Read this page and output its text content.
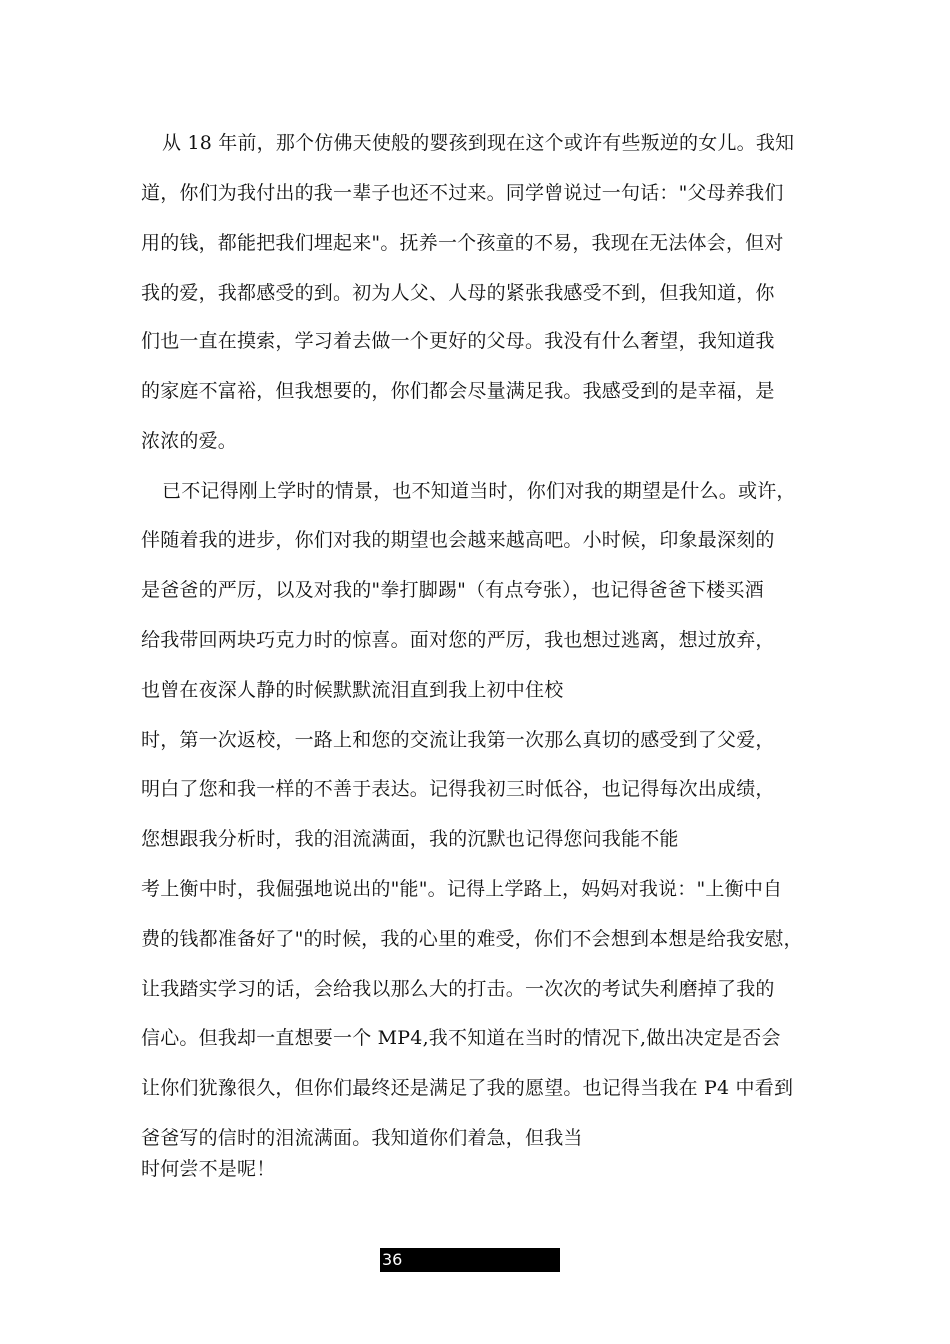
从 18 年前，那个仿佛天使般的婴孩到现在这个或许有些叛逆的女儿。我知
道，你们为我付出的我一辈子也还不过来。同学曾说过一句话："父母养我们
用的钱，都能把我们埋起来"。抚养一个孩童的不易，我现在无法体会，但对
我的爱，我都感受的到。初为人父、人母的紧张我感受不到，但我知道，你
们也一直在摸索，学习着去做一个更好的父母。我没有什么奢望，我知道我
的家庭不富裕，但我想要的，你们都会尽量满足我。我感受到的是幸福，是
浓浓的爱。
已不记得刚上学时的情景，也不知道当时，你们对我的期望是什么。或许，
伴随着我的进步，你们对我的期望也会越来越高吧。小时候，印象最深刻的
是爸爸的严厉，以及对我的"拳打脚踢"（有点夸张），也记得爸爸下楼买酒
给我带回两块巧克力时的惊喜。面对您的严厉，我也想过逃离，想过放弃，
也曾在夜深人静的时候默默流泪直到我上初中住校
时，第一次返校，一路上和您的交流让我第一次那么真切的感受到了父爱，
明白了您和我一样的不善于表达。记得我初三时低谷，也记得每次出成绩，
您想跟我分析时，我的泪流满面，我的沉默也记得您问我能不能
考上衡中时，我倔强地说出的"能"。记得上学路上，妈妈对我说："上衡中自
费的钱都准备好了"的时候，我的心里的难受，你们不会想到本想是给我安慰，
让我踏实学习的话，会给我以那么大的打击。一次次的考试失利磨掉了我的
信心。但我却一直想要一个 MP4,我不知道在当时的情况下,做出决定是否会
让你们犹豫很久，但你们最终还是满足了我的愿望。也记得当我在 P4 中看到
爸爸写的信时的泪流满面。我知道你们着急，但我当
时何尝不是呢！
36
